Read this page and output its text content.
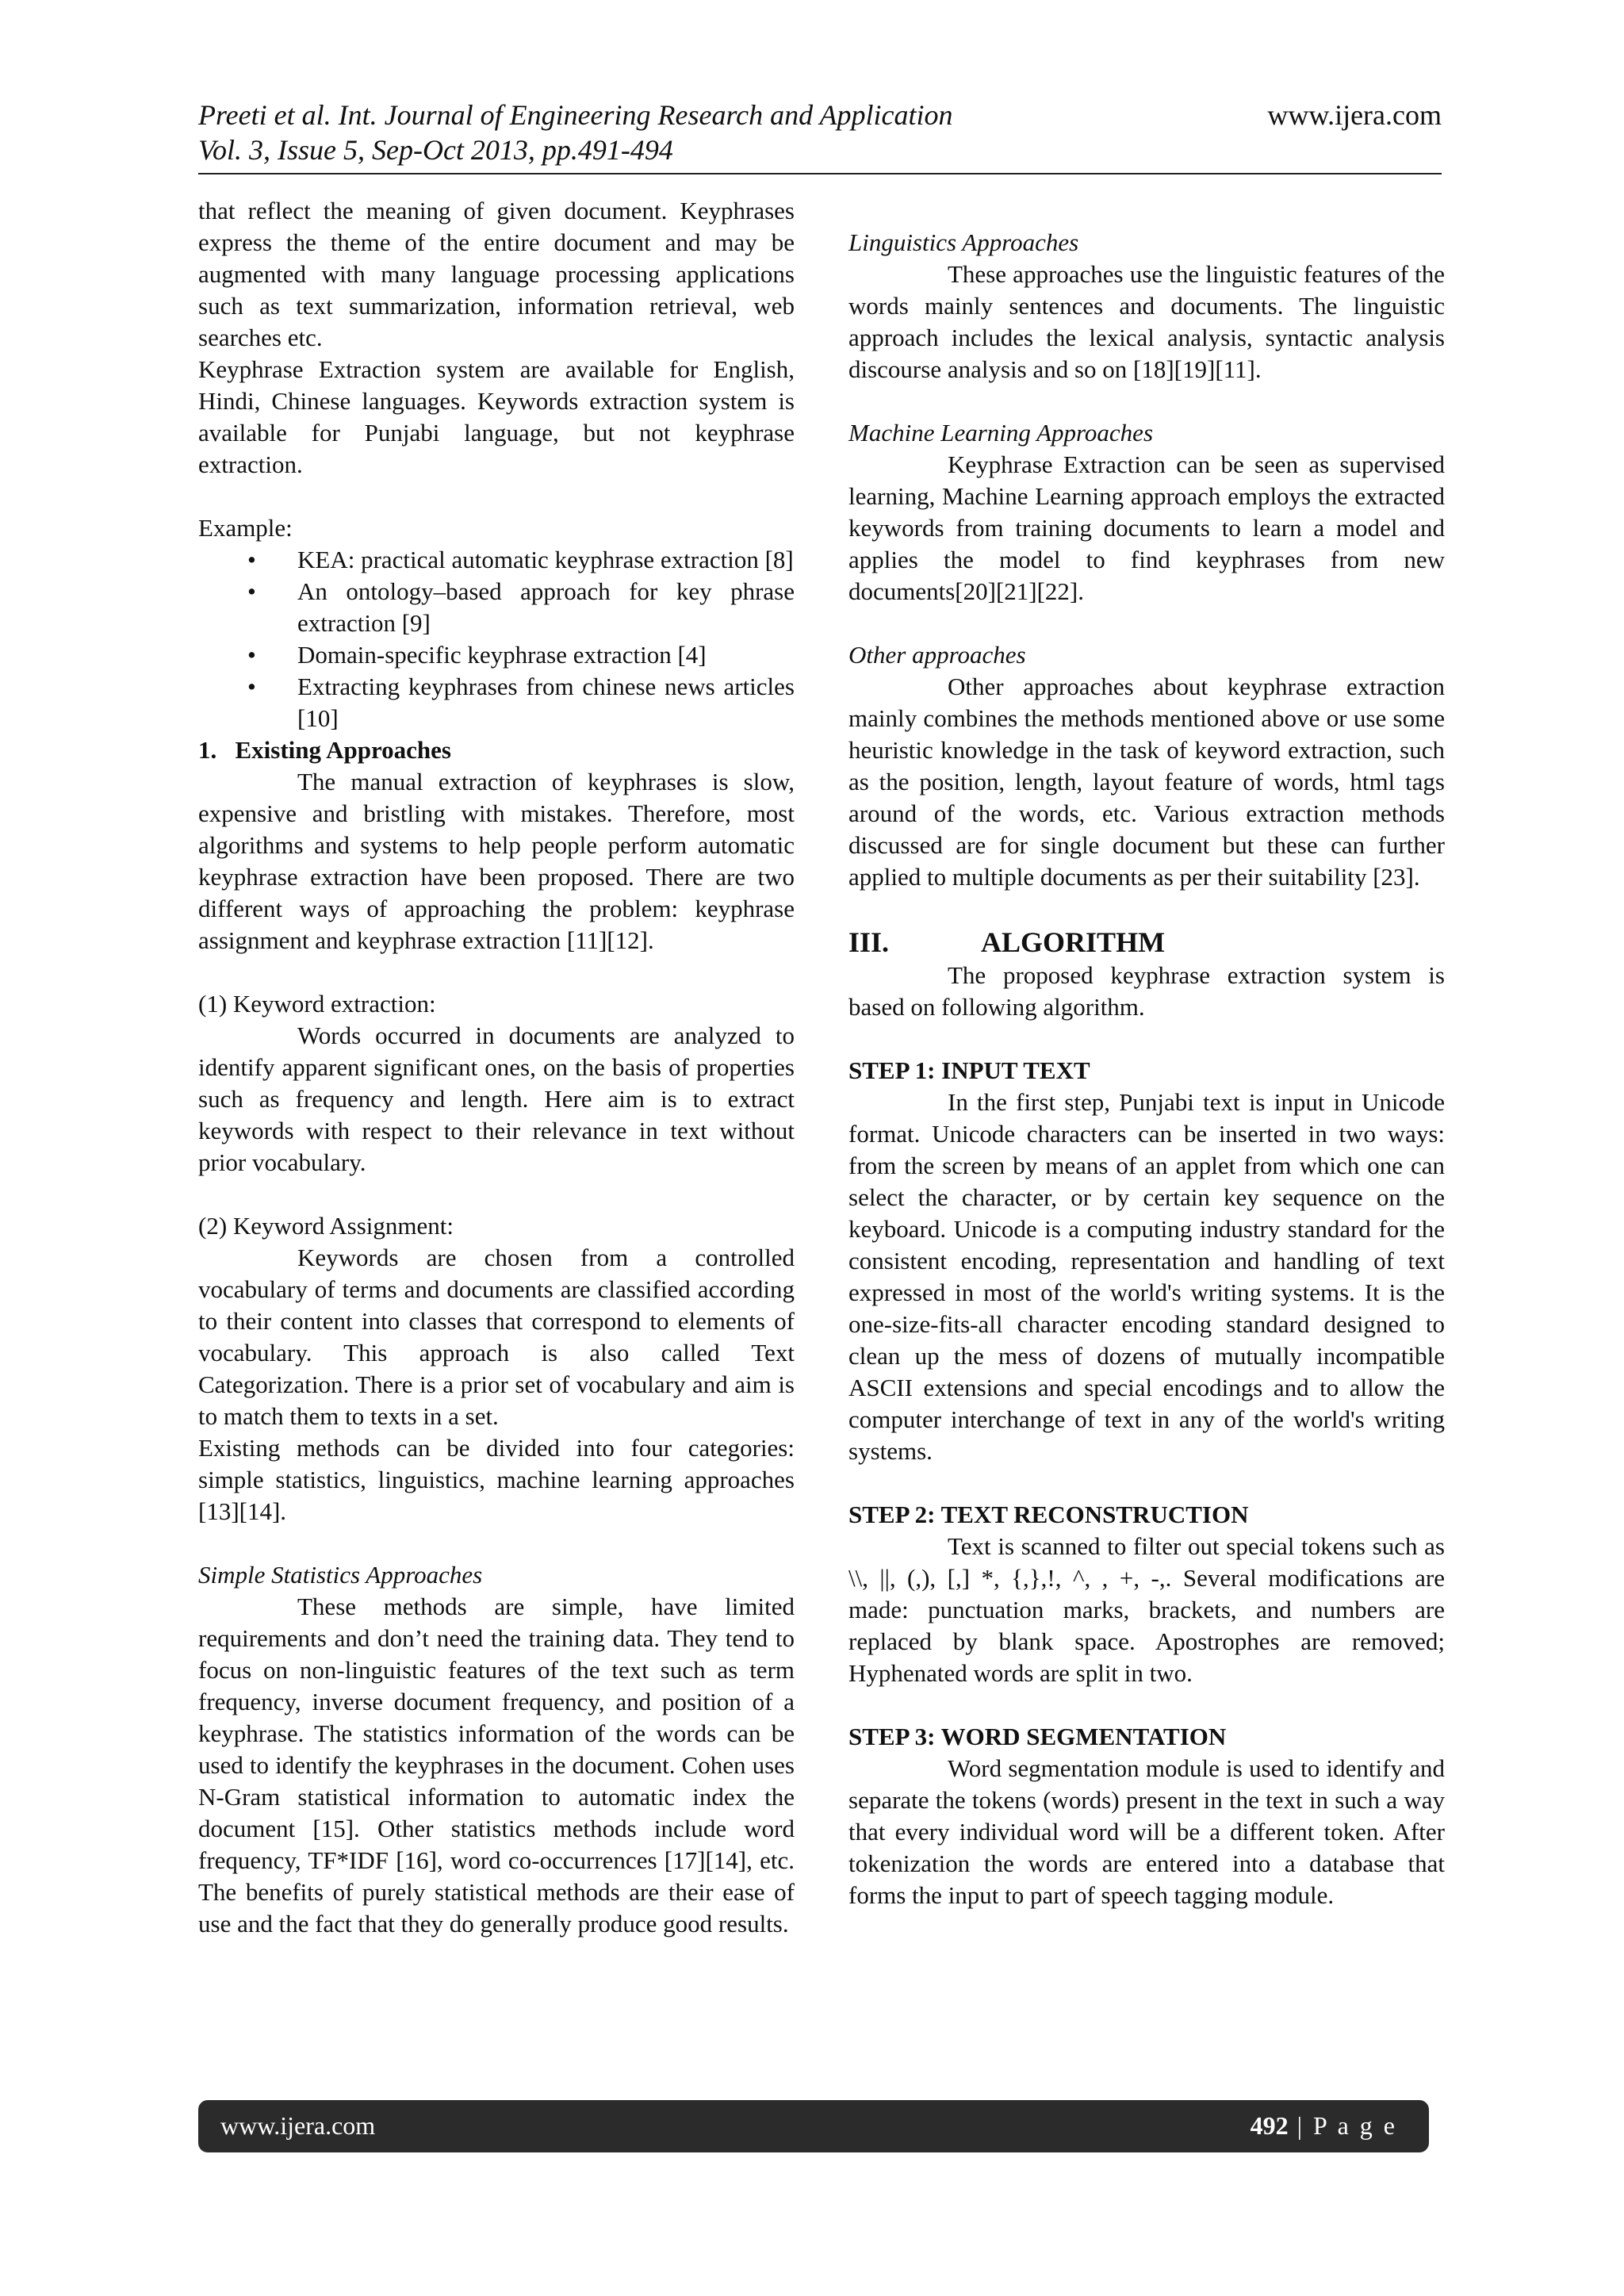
Preeti et al. Int. Journal of Engineering Research and Application
Vol. 3, Issue 5, Sep-Oct 2013, pp.491-494
www.ijera.com

that reflect the meaning of given document. Keyphrases express the theme of the entire document and may be augmented with many language processing applications such as text summarization, information retrieval, web searches etc.

Keyphrase Extraction system are available for English, Hindi, Chinese languages. Keywords extraction system is available for Punjabi language, but not keyphrase extraction.

Example:

• KEA: practical automatic keyphrase extraction [8]
• An ontology–based approach for key phrase extraction [9]
• Domain-specific keyphrase extraction [4]
• Extracting keyphrases from chinese news articles [10]

1.   Existing Approaches

The manual extraction of keyphrases is slow, expensive and bristling with mistakes. Therefore, most algorithms and systems to help people perform automatic keyphrase extraction have been proposed. There are two different ways of approaching the problem: keyphrase assignment and keyphrase extraction [11][12].

(1) Keyword extraction:

Words occurred in documents are analyzed to identify apparent significant ones, on the basis of properties such as frequency and length. Here aim is to extract keywords with respect to their relevance in text without prior vocabulary.

(2) Keyword Assignment:

Keywords are chosen from a controlled vocabulary of terms and documents are classified according to their content into classes that correspond to elements of vocabulary. This approach is also called Text Categorization. There is a prior set of vocabulary and aim is to match them to texts in a set.

Existing methods can be divided into four categories: simple statistics, linguistics, machine learning approaches [13][14].

Simple Statistics Approaches

These methods are simple, have limited requirements and don’t need the training data. They tend to focus on non-linguistic features of the text such as term frequency, inverse document frequency, and position of a keyphrase. The statistics information of the words can be used to identify the keyphrases in the document. Cohen uses N-Gram statistical information to automatic index the document [15]. Other statistics methods include word frequency, TF*IDF [16], word co-occurrences [17][14], etc. The benefits of purely statistical methods are their ease of use and the fact that they do generally produce good results.

Linguistics Approaches

These approaches use the linguistic features of the words mainly sentences and documents. The linguistic approach includes the lexical analysis, syntactic analysis discourse analysis and so on [18][19][11].

Machine Learning Approaches

Keyphrase Extraction can be seen as supervised learning, Machine Learning approach employs the extracted keywords from training documents to learn a model and applies the model to find keyphrases from new documents[20][21][22].

Other approaches

Other approaches about keyphrase extraction mainly combines the methods mentioned above or use some heuristic knowledge in the task of keyword extraction, such as the position, length, layout feature of words, html tags around of the words, etc. Various extraction methods discussed are for single document but these can further applied to multiple documents as per their suitability [23].

III.    ALGORITHM

The proposed keyphrase extraction system is based on following algorithm.

STEP 1: INPUT TEXT

In the first step, Punjabi text is input in Unicode format. Unicode characters can be inserted in two ways: from the screen by means of an applet from which one can select the character, or by certain key sequence on the keyboard. Unicode is a computing industry standard for the consistent encoding, representation and handling of text expressed in most of the world's writing systems. It is the one-size-fits-all character encoding standard designed to clean up the mess of dozens of mutually incompatible ASCII extensions and special encodings and to allow the computer interchange of text in any of the world's writing systems.

STEP 2: TEXT RECONSTRUCTION

Text is scanned to filter out special tokens such as \\, ||, (,), [,] *, {,},!, ^, , +, -,. Several modifications are made: punctuation marks, brackets, and numbers are replaced by blank space. Apostrophes are removed; Hyphenated words are split in two.

STEP 3: WORD SEGMENTATION

Word segmentation module is used to identify and separate the tokens (words) present in the text in such a way that every individual word will be a different token. After tokenization the words are entered into a database that forms the input to part of speech tagging module.

www.ijera.com	492 | P a g e
